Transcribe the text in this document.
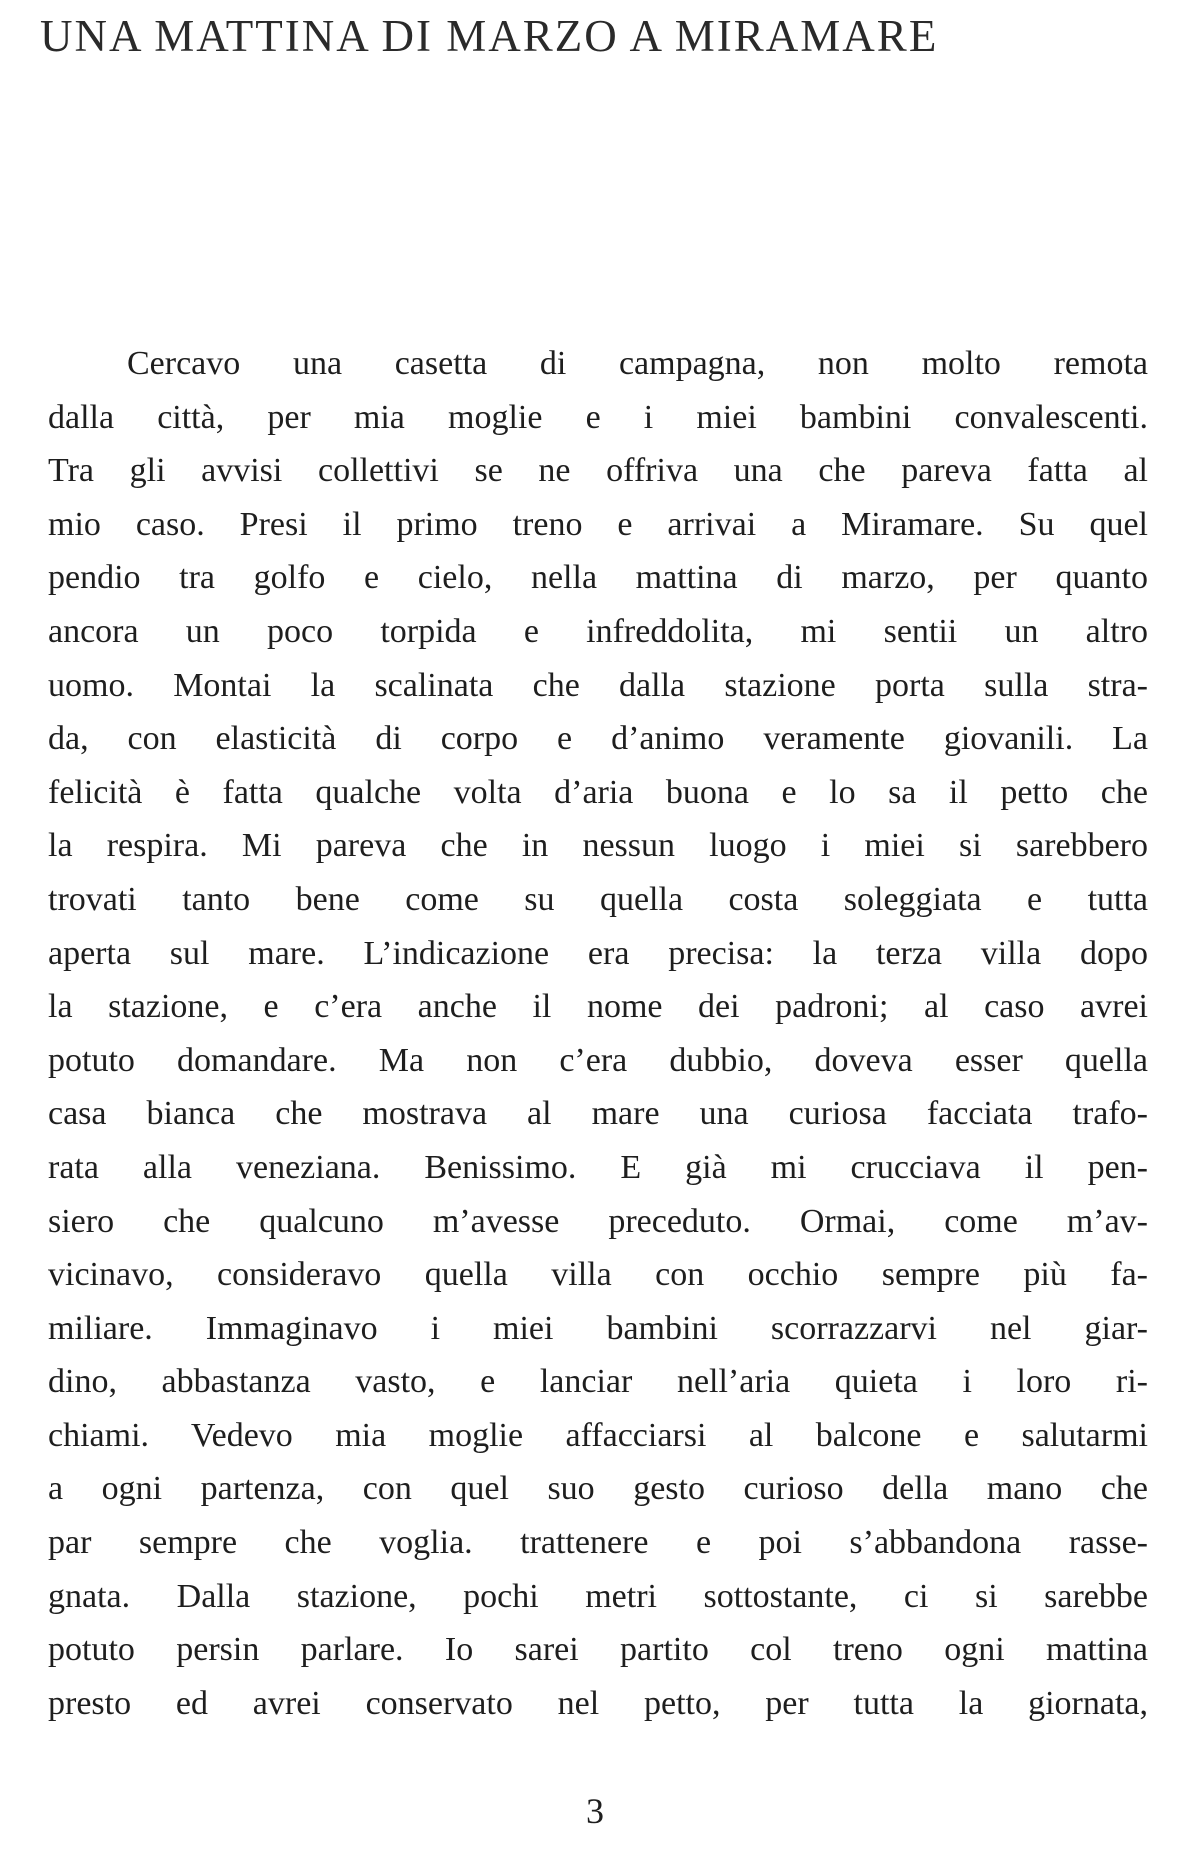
UNA MATTINA DI MARZO A MIRAMARE
Cercavo una casetta di campagna, non molto remota
dalla città, per mia moglie e i miei bambini convalescenti.
Tra gli avvisi collettivi se ne offriva una che pareva fatta al
mio caso. Presi il primo treno e arrivai a Miramare. Su quel
pendio tra golfo e cielo, nella mattina di marzo, per quanto
ancora un poco torpida e infreddolita, mi sentii un altro
uomo. Montai la scalinata che dalla stazione porta sulla stra-
da, con elasticità di corpo e d’animo veramente giovanili. La
felicità è fatta qualche volta d’aria buona e lo sa il petto che
la respira. Mi pareva che in nessun luogo i miei si sarebbero
trovati tanto bene come su quella costa soleggiata e tutta
aperta sul mare. L’indicazione era precisa: la terza villa dopo
la stazione, e c’era anche il nome dei padroni; al caso avrei
potuto domandare. Ma non c’era dubbio, doveva esser quella
casa bianca che mostrava al mare una curiosa facciata trafo-
rata alla veneziana. Benissimo. E già mi crucciava il pen-
siero che qualcuno m’avesse preceduto. Ormai, come m’av-
vicinavo, consideravo quella villa con occhio sempre più fa-
miliare. Immaginavo i miei bambini scorrazzarvi nel giar-
dino, abbastanza vasto, e lanciar nell’aria quieta i loro ri-
chiami. Vedevo mia moglie affacciarsi al balcone e salutarmi
a ogni partenza, con quel suo gesto curioso della mano che
par sempre che voglia. trattenere e poi s’abbandona rasse-
gnata. Dalla stazione, pochi metri sottostante, ci si sarebbe
potuto persin parlare. Io sarei partito col treno ogni mattina
presto ed avrei conservato nel petto, per tutta la giornata,
3
